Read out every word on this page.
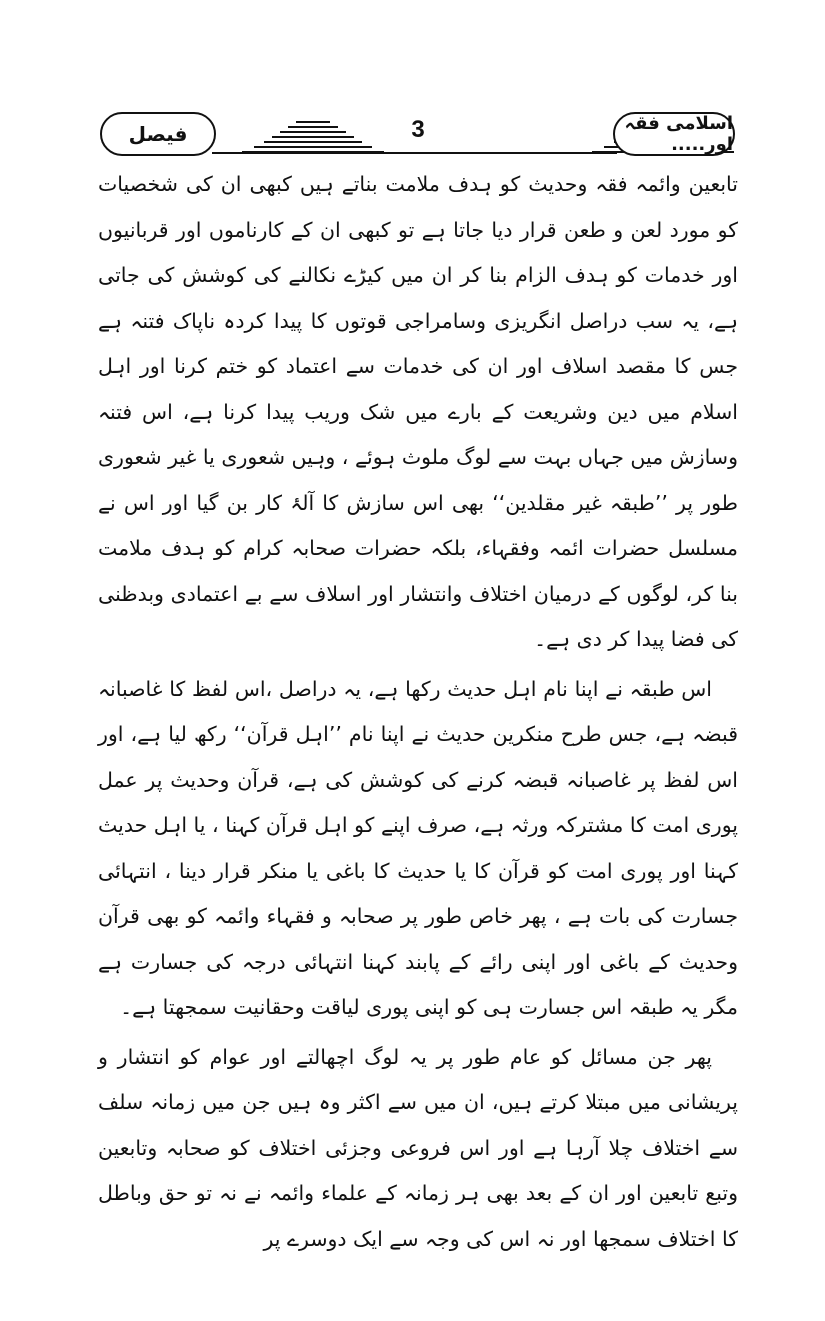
فیصل	3	اسلامی فقہ اور.....

تابعین وائمہ فقہ وحدیث کو ہدف ملامت بناتے ہیں کبھی ان کی شخصیات کو مورد لعن و طعن قرار دیا جاتا ہے تو کبھی ان کے کارناموں اور قربانیوں اور خدمات کو ہدف الزام بنا کر ان میں کیڑے نکالنے کی کوشش کی جاتی ہے، یہ سب دراصل انگریزی وسامراجی قوتوں کا پیدا کردہ ناپاک فتنہ ہے جس کا مقصد اسلاف اور ان کی خدمات سے اعتماد کو ختم کرنا اور اہل اسلام میں دین وشریعت کے بارے میں شک وریب پیدا کرنا ہے، اس فتنہ وسازش میں جہاں بہت سے لوگ ملوث ہوئے ، وہیں شعوری یا غیر شعوری طور پر ’’طبقہ غیر مقلدین‘‘ بھی اس سازش کا آلۂ کار بن گیا اور اس نے مسلسل حضرات ائمہ وفقہاء، بلکہ حضرات صحابہ کرام کو ہدف ملامت بنا کر، لوگوں کے درمیان اختلاف وانتشار اور اسلاف سے بے اعتمادی وبدظنی کی فضا پیدا کر دی ہے۔

اس طبقہ نے اپنا نام اہل حدیث رکھا ہے، یہ دراصل ،اس لفظ کا غاصبانہ قبضہ ہے، جس طرح منکرین حدیث نے اپنا نام ’’اہل قرآن‘‘ رکھ لیا ہے، اور اس لفظ پر غاصبانہ قبضہ کرنے کی کوشش کی ہے، قرآن وحدیث پر عمل پوری امت کا مشترکہ ورثہ ہے، صرف اپنے کو اہل قرآن کہنا ، یا اہل حدیث کہنا اور پوری امت کو قرآن کا یا حدیث کا باغی یا منکر قرار دینا ، انتہائی جسارت کی بات ہے ، پھر خاص طور پر صحابہ و فقہاء وائمہ کو بھی قرآن وحدیث کے باغی اور اپنی رائے کے پابند کہنا انتہائی درجہ کی جسارت ہے مگر یہ طبقہ اس جسارت ہی کو اپنی پوری لیاقت وحقانیت سمجھتا ہے۔

پھر جن مسائل کو عام طور پر یہ لوگ اچھالتے اور عوام کو انتشار و پریشانی میں مبتلا کرتے ہیں، ان میں سے اکثر وہ ہیں جن میں زمانہ سلف سے اختلاف چلا آرہا ہے اور اس فروعی وجزئی اختلاف کو صحابہ وتابعین وتبع تابعین اور ان کے بعد بھی ہر زمانہ کے علماء وائمہ نے نہ تو حق وباطل کا اختلاف سمجھا اور نہ اس کی وجہ سے ایک دوسرے پر
